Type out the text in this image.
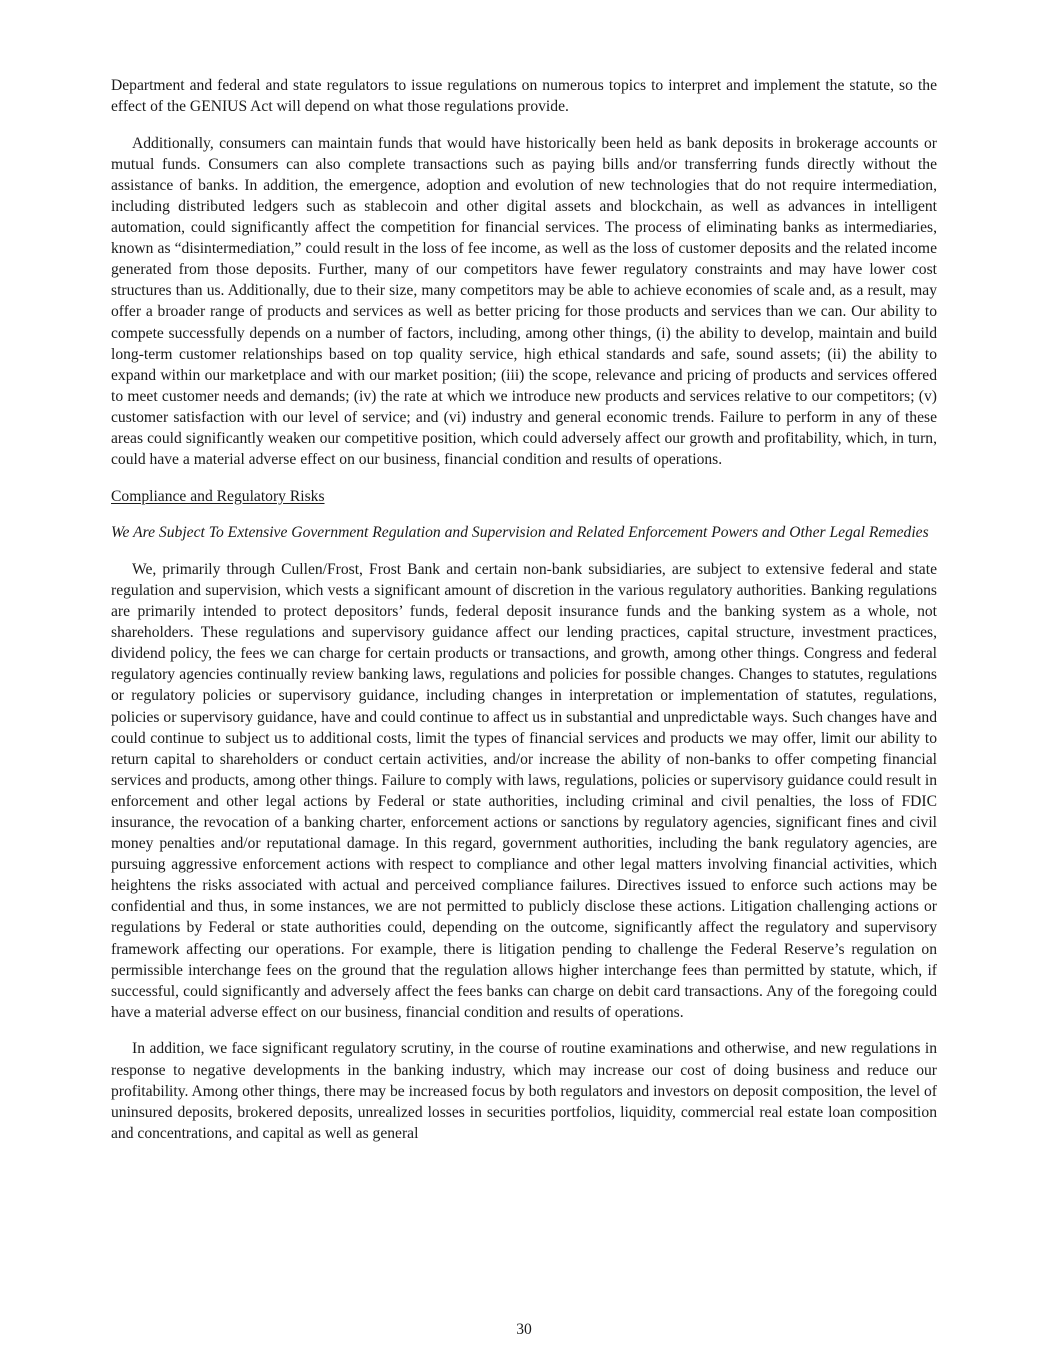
Department and federal and state regulators to issue regulations on numerous topics to interpret and implement the statute, so the effect of the GENIUS Act will depend on what those regulations provide.

Additionally, consumers can maintain funds that would have historically been held as bank deposits in brokerage accounts or mutual funds. Consumers can also complete transactions such as paying bills and/or transferring funds directly without the assistance of banks. In addition, the emergence, adoption and evolution of new technologies that do not require intermediation, including distributed ledgers such as stablecoin and other digital assets and blockchain, as well as advances in intelligent automation, could significantly affect the competition for financial services. The process of eliminating banks as intermediaries, known as “disintermediation,” could result in the loss of fee income, as well as the loss of customer deposits and the related income generated from those deposits. Further, many of our competitors have fewer regulatory constraints and may have lower cost structures than us. Additionally, due to their size, many competitors may be able to achieve economies of scale and, as a result, may offer a broader range of products and services as well as better pricing for those products and services than we can. Our ability to compete successfully depends on a number of factors, including, among other things, (i) the ability to develop, maintain and build long-term customer relationships based on top quality service, high ethical standards and safe, sound assets; (ii) the ability to expand within our marketplace and with our market position; (iii) the scope, relevance and pricing of products and services offered to meet customer needs and demands; (iv) the rate at which we introduce new products and services relative to our competitors; (v) customer satisfaction with our level of service; and (vi) industry and general economic trends. Failure to perform in any of these areas could significantly weaken our competitive position, which could adversely affect our growth and profitability, which, in turn, could have a material adverse effect on our business, financial condition and results of operations.

Compliance and Regulatory Risks

We Are Subject To Extensive Government Regulation and Supervision and Related Enforcement Powers and Other Legal Remedies

We, primarily through Cullen/Frost, Frost Bank and certain non-bank subsidiaries, are subject to extensive federal and state regulation and supervision, which vests a significant amount of discretion in the various regulatory authorities. Banking regulations are primarily intended to protect depositors’ funds, federal deposit insurance funds and the banking system as a whole, not shareholders. These regulations and supervisory guidance affect our lending practices, capital structure, investment practices, dividend policy, the fees we can charge for certain products or transactions, and growth, among other things. Congress and federal regulatory agencies continually review banking laws, regulations and policies for possible changes. Changes to statutes, regulations or regulatory policies or supervisory guidance, including changes in interpretation or implementation of statutes, regulations, policies or supervisory guidance, have and could continue to affect us in substantial and unpredictable ways. Such changes have and could continue to subject us to additional costs, limit the types of financial services and products we may offer, limit our ability to return capital to shareholders or conduct certain activities, and/or increase the ability of non-banks to offer competing financial services and products, among other things. Failure to comply with laws, regulations, policies or supervisory guidance could result in enforcement and other legal actions by Federal or state authorities, including criminal and civil penalties, the loss of FDIC insurance, the revocation of a banking charter, enforcement actions or sanctions by regulatory agencies, significant fines and civil money penalties and/or reputational damage. In this regard, government authorities, including the bank regulatory agencies, are pursuing aggressive enforcement actions with respect to compliance and other legal matters involving financial activities, which heightens the risks associated with actual and perceived compliance failures. Directives issued to enforce such actions may be confidential and thus, in some instances, we are not permitted to publicly disclose these actions. Litigation challenging actions or regulations by Federal or state authorities could, depending on the outcome, significantly affect the regulatory and supervisory framework affecting our operations. For example, there is litigation pending to challenge the Federal Reserve’s regulation on permissible interchange fees on the ground that the regulation allows higher interchange fees than permitted by statute, which, if successful, could significantly and adversely affect the fees banks can charge on debit card transactions. Any of the foregoing could have a material adverse effect on our business, financial condition and results of operations.

In addition, we face significant regulatory scrutiny, in the course of routine examinations and otherwise, and new regulations in response to negative developments in the banking industry, which may increase our cost of doing business and reduce our profitability. Among other things, there may be increased focus by both regulators and investors on deposit composition, the level of uninsured deposits, brokered deposits, unrealized losses in securities portfolios, liquidity, commercial real estate loan composition and concentrations, and capital as well as general

30
